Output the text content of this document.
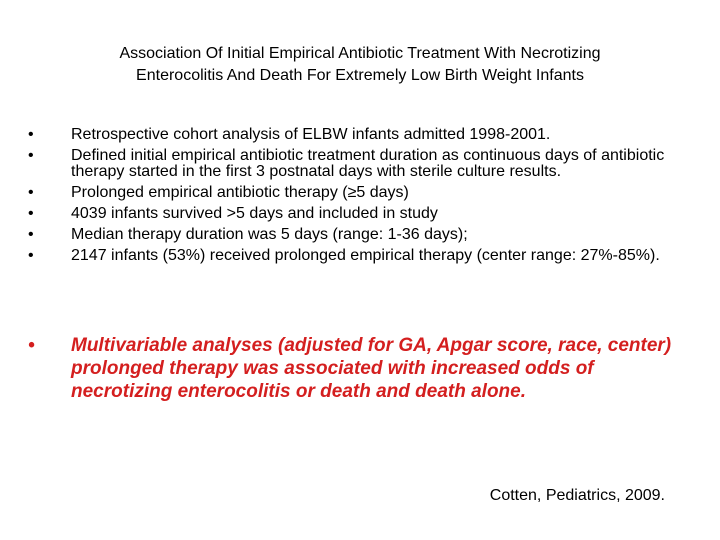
Association Of Initial Empirical Antibiotic Treatment With Necrotizing
Enterocolitis And Death For Extremely Low Birth Weight Infants
•	Retrospective cohort analysis of ELBW infants admitted 1998-2001.
•	Defined initial empirical antibiotic treatment duration as continuous days of antibiotic therapy started in the first 3 postnatal days with sterile culture results.
•	Prolonged empirical antibiotic therapy (≥5 days)
•	4039 infants survived >5 days and included in study
•	Median therapy duration was 5 days (range: 1-36 days);
•	2147 infants (53%) received prolonged empirical therapy (center range: 27%-85%).

•	Multivariable analyses (adjusted for GA, Apgar score, race, center) prolonged therapy was associated with increased odds of necrotizing enterocolitis or death and death alone.

Cotten, Pediatrics, 2009.
